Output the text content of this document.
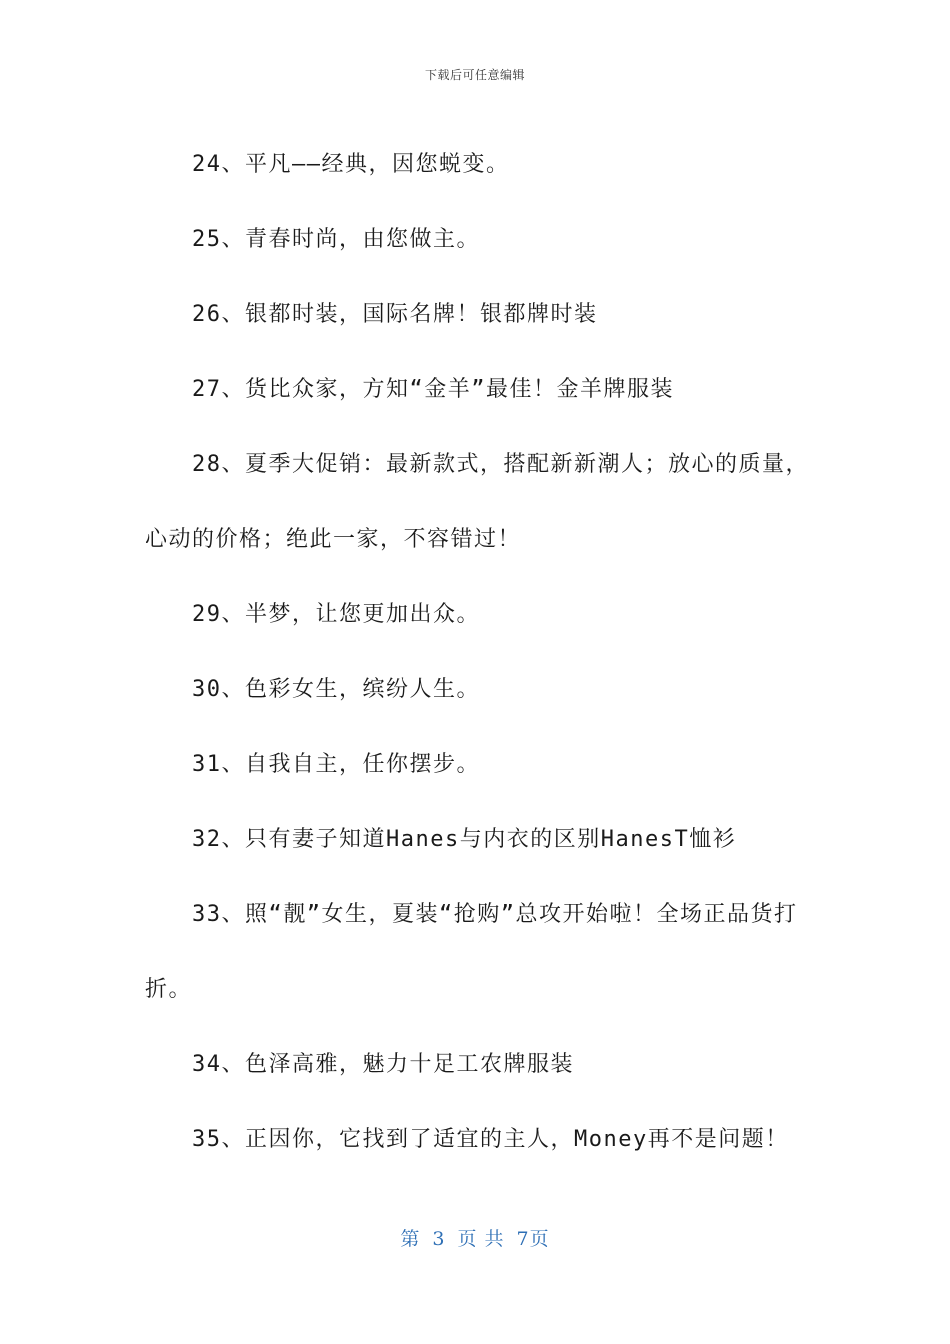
下载后可任意编辑

24、平凡——经典，因您蜕变。

25、青春时尚，由您做主。

26、银都时装，国际名牌！银都牌时装

27、货比众家，方知“金羊”最佳！金羊牌服装

28、夏季大促销：最新款式，搭配新新潮人；放心的质量，心动的价格；绝此一家，不容错过！

29、半梦，让您更加出众。

30、色彩女生，缤纷人生。

31、自我自主，任你摆步。

32、只有妻子知道Hanes与内衣的区别HanesT恤衫

33、照“靓”女生，夏装“抢购”总攻开始啦！全场正品货打折。

34、色泽高雅，魅力十足工农牌服装

35、正因你，它找到了适宜的主人，Money再不是问题！

第 3 页 共 7页
